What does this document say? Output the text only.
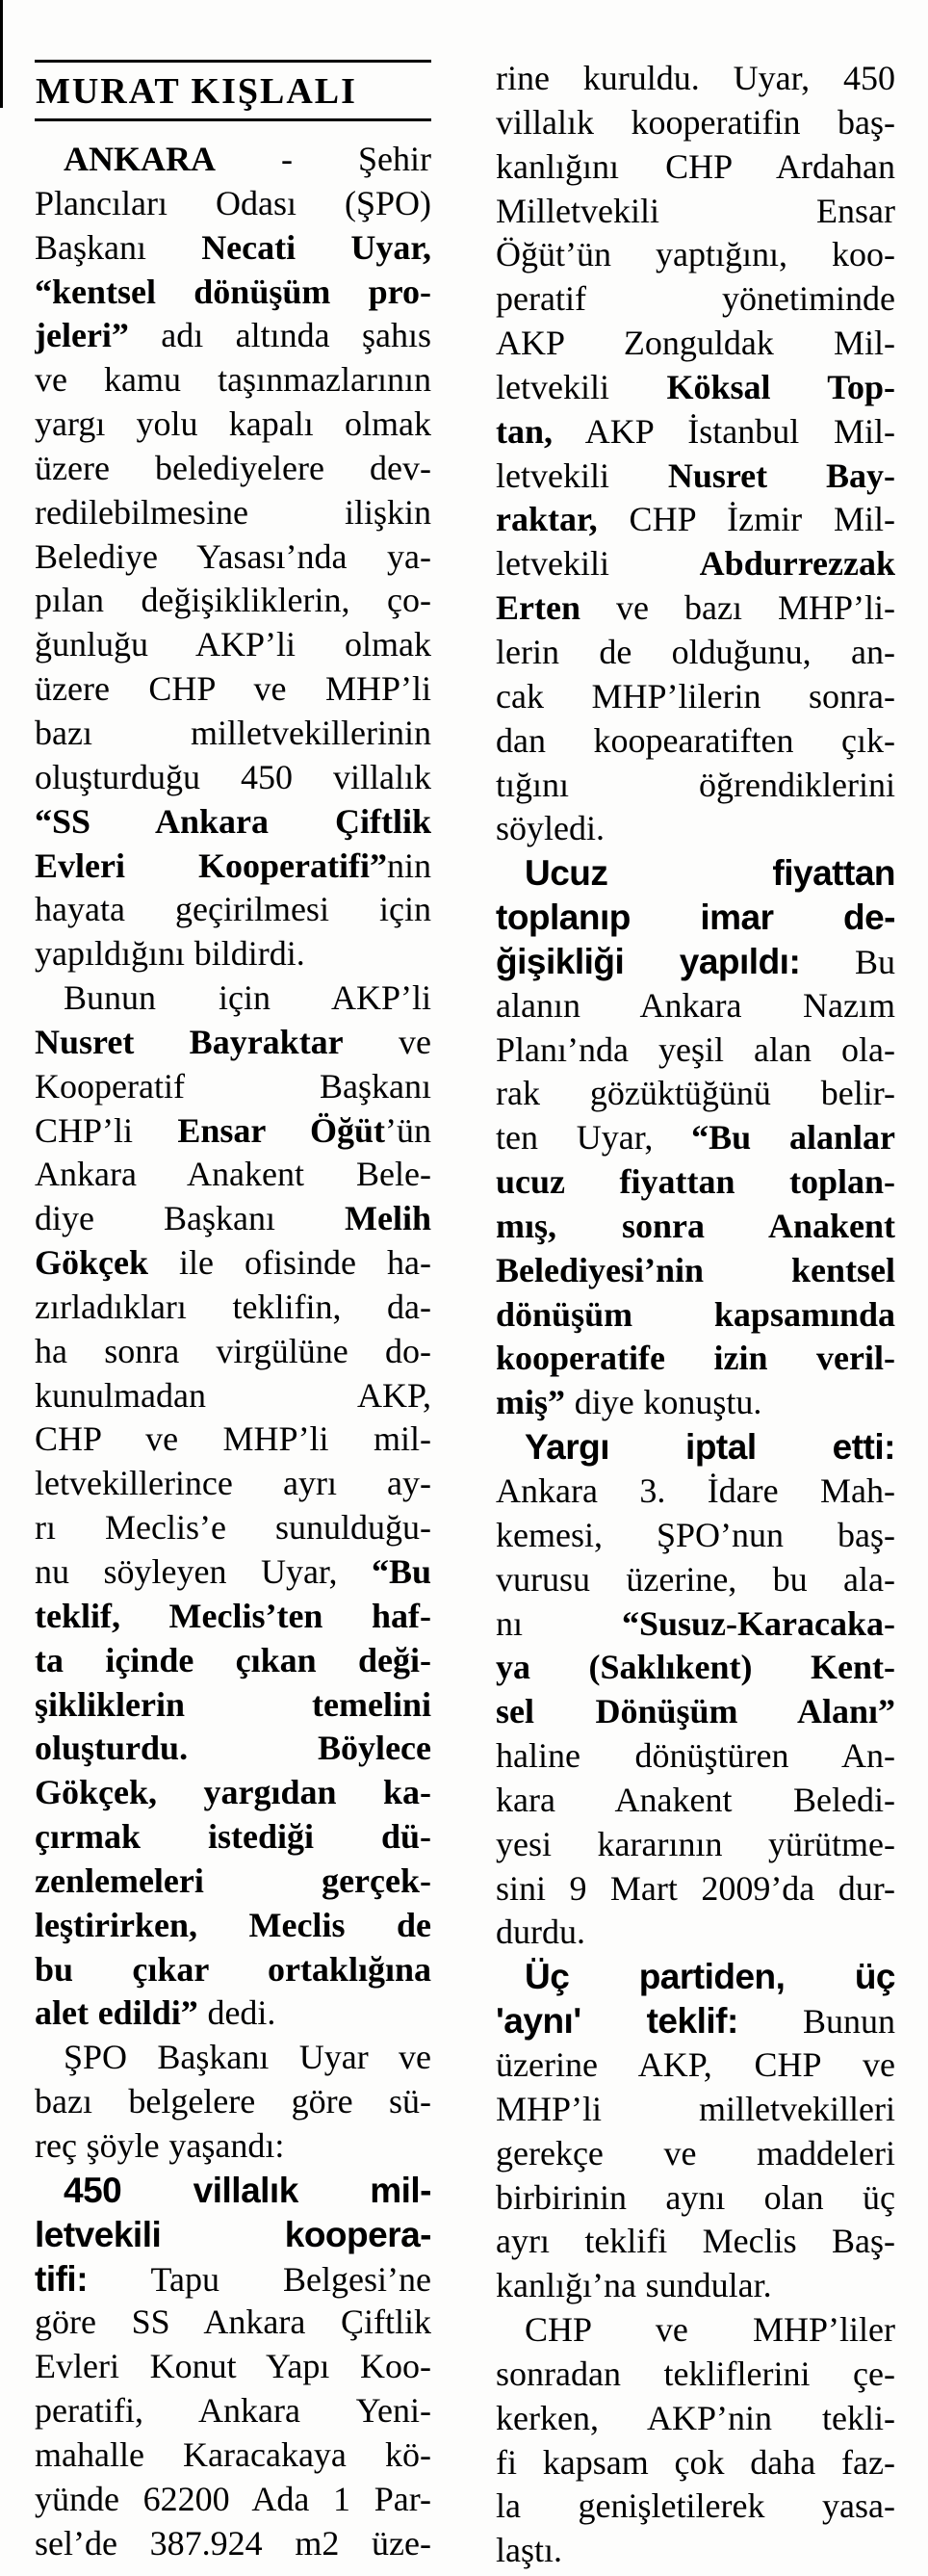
MURAT KIŞLALI
ANKARA - Şehir
Plancıları Odası (ŞPO)
Başkanı Necati Uyar,
“kentsel dönüşüm pro-
jeleri” adı altında şahıs
ve kamu taşınmazlarının
yargı yolu kapalı olmak
üzere belediyelere dev-
redilebilmesine ilişkin
Belediye Yasası’nda ya-
pılan değişikliklerin, ço-
ğunluğu AKP’li olmak
üzere CHP ve MHP’li
bazı milletvekillerinin
oluşturduğu 450 villalık
“SS Ankara Çiftlik
Evleri Kooperatifi”nin
hayata geçirilmesi için
yapıldığını bildirdi.
Bunun için AKP’li
Nusret Bayraktar ve
Kooperatif Başkanı
CHP’li Ensar Öğüt’ün
Ankara Anakent Bele-
diye Başkanı Melih
Gökçek ile ofisinde ha-
zırladıkları teklifin, da-
ha sonra virgülüne do-
kunulmadan AKP,
CHP ve MHP’li mil-
letvekillerince ayrı ay-
rı Meclis’e sunulduğu-
nu söyleyen Uyar, “Bu
teklif, Meclis’ten haf-
ta içinde çıkan deği-
şikliklerin temelini
oluşturdu. Böylece
Gökçek, yargıdan ka-
çırmak istediği dü-
zenlemeleri gerçek-
leştirirken, Meclis de
bu çıkar ortaklığına
alet edildi” dedi.
ŞPO Başkanı Uyar ve
bazı belgelere göre sü-
reç şöyle yaşandı:
450 villalık mil-
letvekili koopera-
tifi: Tapu Belgesi’ne
göre SS Ankara Çiftlik
Evleri Konut Yapı Koo-
peratifi, Ankara Yeni-
mahalle Karacakaya kö-
yünde 62200 Ada 1 Par-
sel’de 387.924 m2 üze-
rine kuruldu. Uyar, 450
villalık kooperatifin baş-
kanlığını CHP Ardahan
Milletvekili Ensar
Öğüt’ün yaptığını, koo-
peratif yönetiminde
AKP Zonguldak Mil-
letvekili Köksal Top-
tan, AKP İstanbul Mil-
letvekili Nusret Bay-
raktar, CHP İzmir Mil-
letvekili Abdurrezzak
Erten ve bazı MHP’li-
lerin de olduğunu, an-
cak MHP’lilerin sonra-
dan koopearatiften çık-
tığını öğrendiklerini
söyledi.
Ucuz fiyattan
toplanıp imar de-
ğişikliği yapıldı: Bu
alanın Ankara Nazım
Planı’nda yeşil alan ola-
rak gözüktüğünü belir-
ten Uyar, “Bu alanlar
ucuz fiyattan toplan-
mış, sonra Anakent
Belediyesi’nin kentsel
dönüşüm kapsamında
kooperatife izin veril-
miş” diye konuştu.
Yargı iptal etti:
Ankara 3. İdare Mah-
kemesi, ŞPO’nun baş-
vurusu üzerine, bu ala-
nı “Susuz-Karacaka-
ya (Saklıkent) Kent-
sel Dönüşüm Alanı”
haline dönüştüren An-
kara Anakent Beledi-
yesi kararının yürütme-
sini 9 Mart 2009’da dur-
durdu.
Üç partiden, üç
'aynı' teklif: Bunun
üzerine AKP, CHP ve
MHP’li milletvekilleri
gerekçe ve maddeleri
birbirinin aynı olan üç
ayrı teklifi Meclis Baş-
kanlığı’na sundular.
CHP ve MHP’liler
sonradan tekliflerini çe-
kerken, AKP’nin tekli-
fi kapsam çok daha faz-
la genişletilerek yasa-
laştı.
